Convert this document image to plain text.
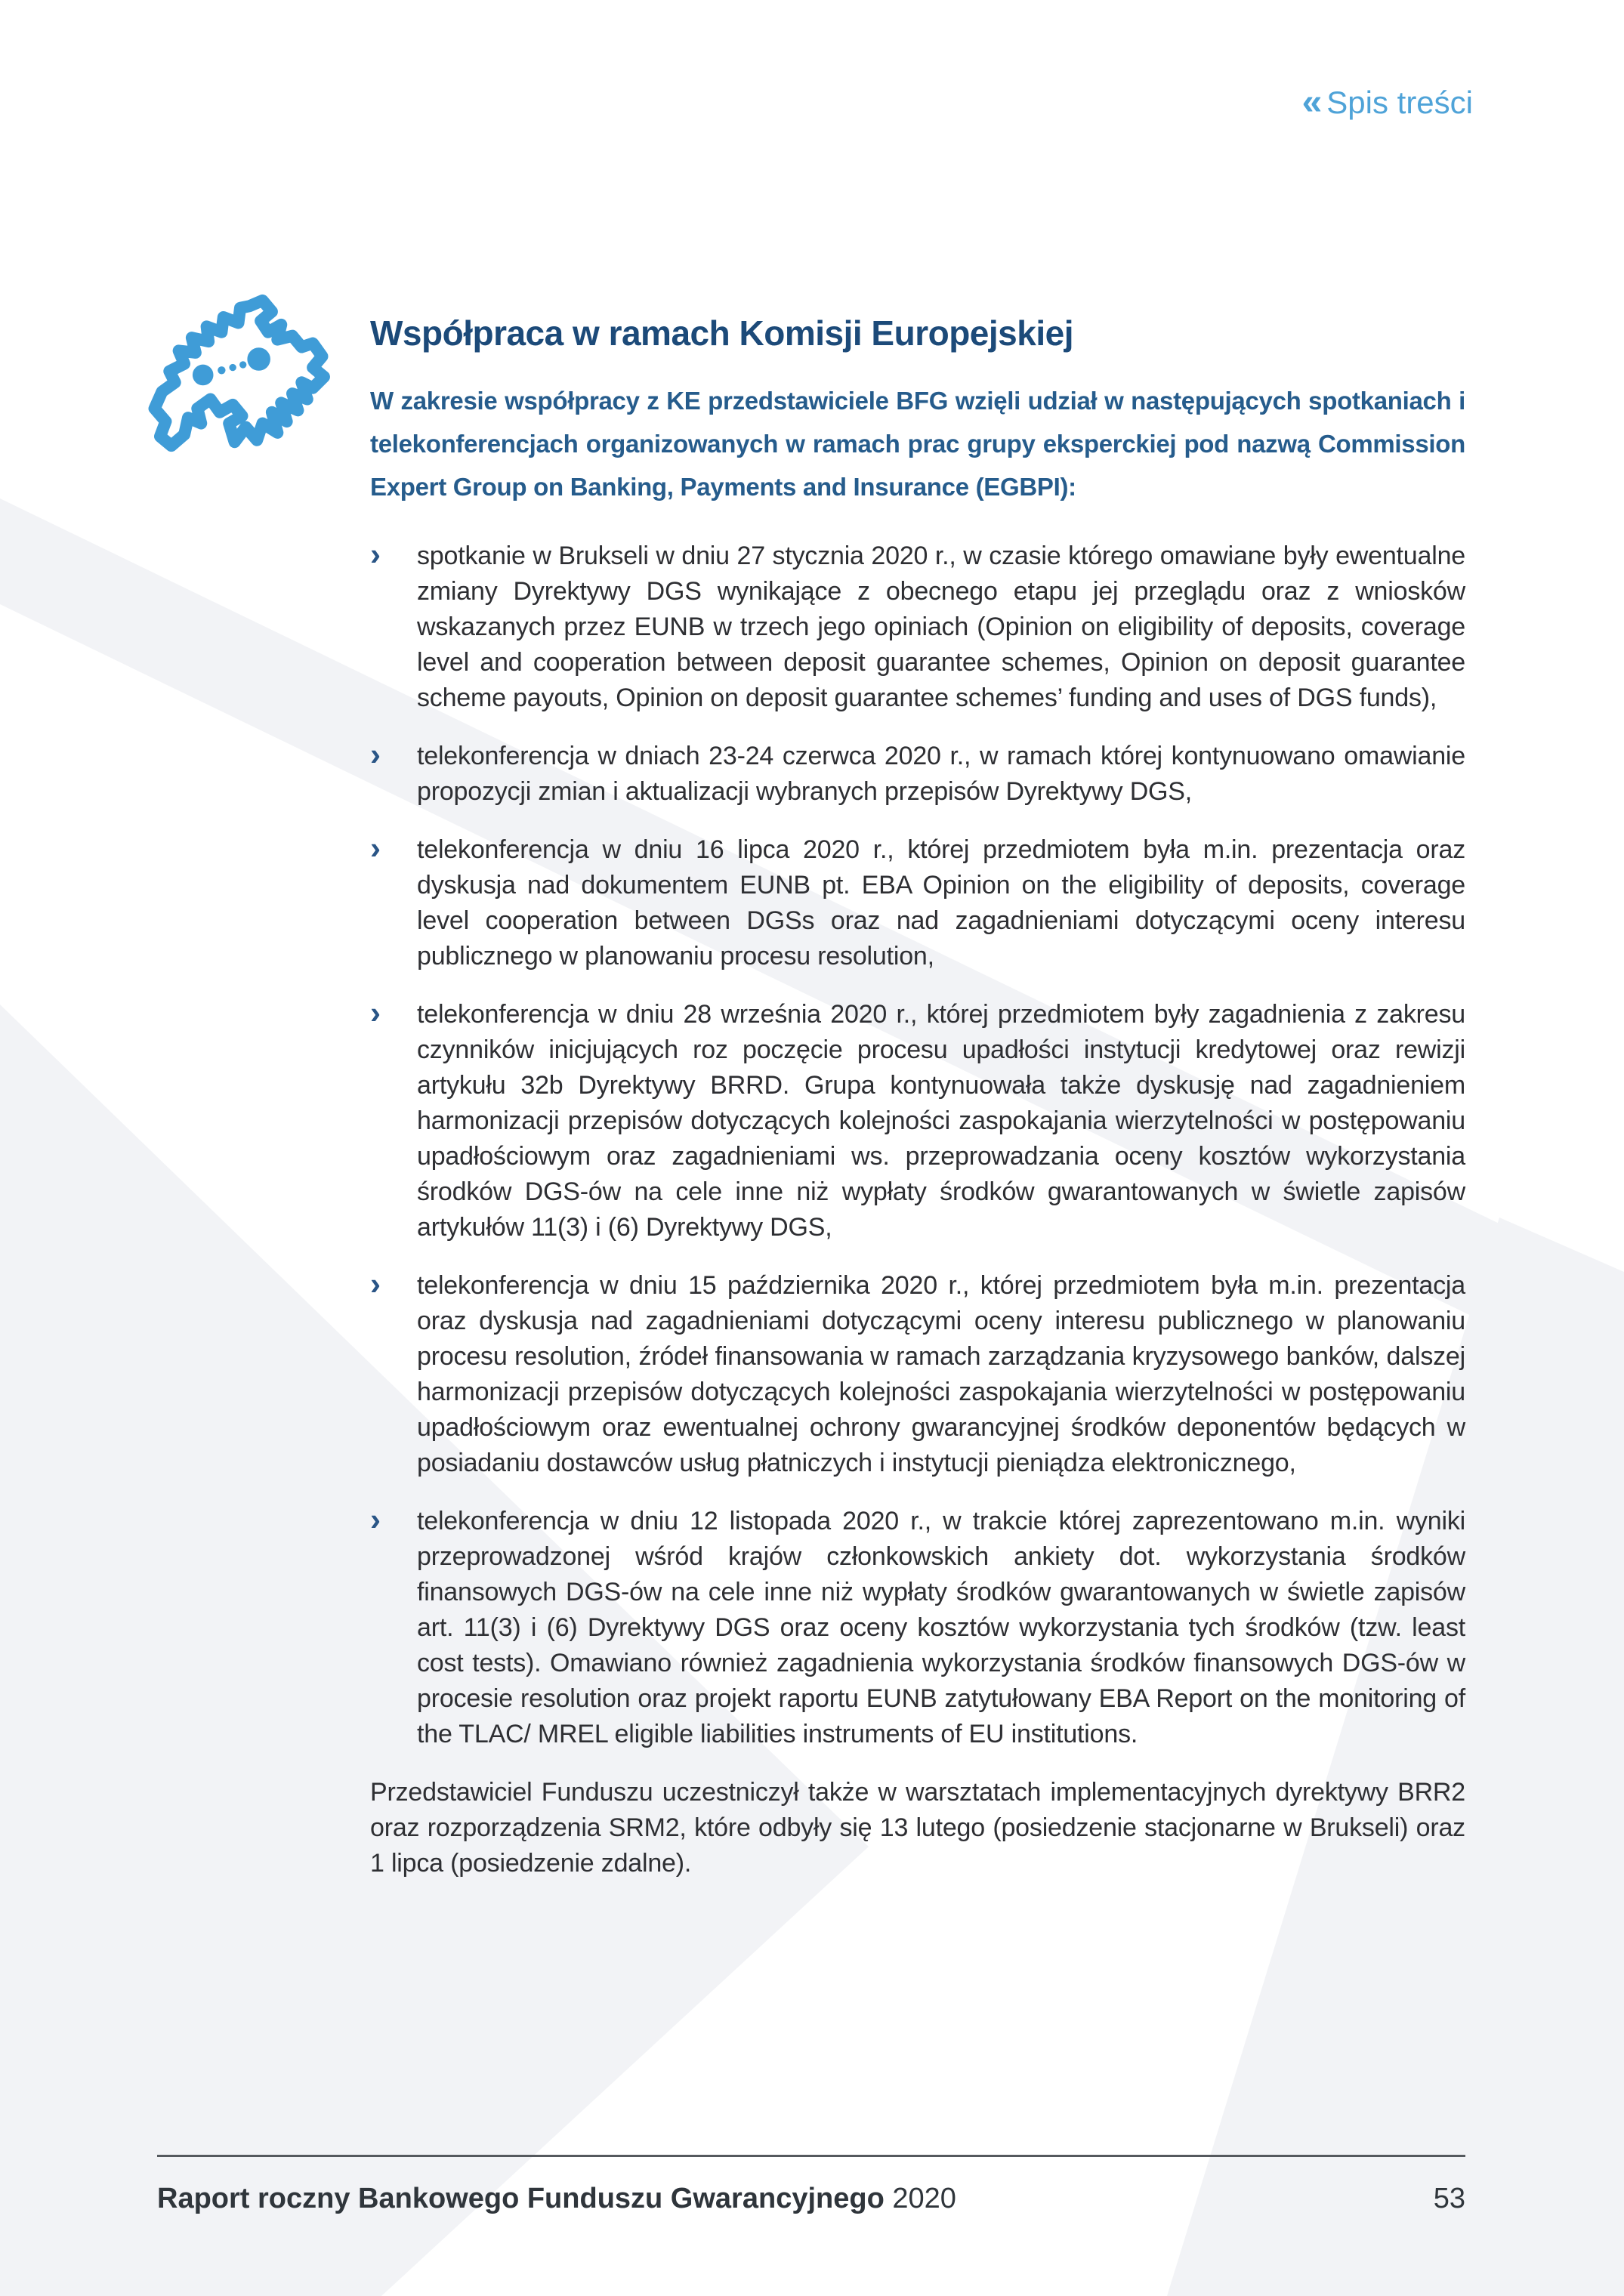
« Spis treści
Współpraca w ramach Komisji Europejskiej

W zakresie współpracy z KE przedstawiciele BFG wzięli udział w następujących spotkaniach i telekonferencjach organizowanych w ramach prac grupy eksperckiej pod nazwą Commission Expert Group on Banking, Payments and Insurance (EGBPI):

› spotkanie w Brukseli w dniu 27 stycznia 2020 r., w czasie którego omawiane były ewentualne zmiany Dyrektywy DGS wynikające z obecnego etapu jej przeglądu oraz z wniosków wskazanych przez EUNB w trzech jego opiniach (Opinion on eligibility of deposits, coverage level and cooperation between deposit guarantee schemes, Opinion on deposit guarantee scheme payouts, Opinion on deposit guarantee schemes’ funding and uses of DGS funds),
› telekonferencja w dniach 23-24 czerwca 2020 r., w ramach której kontynuowano omawianie propozycji zmian i aktualizacji wybranych przepisów Dyrektywy DGS,
› telekonferencja w dniu 16 lipca 2020 r., której przedmiotem była m.in. prezentacja oraz dyskusja nad dokumentem EUNB pt. EBA Opinion on the eligibility of deposits, coverage level cooperation between DGSs oraz nad zagadnieniami dotyczącymi oceny interesu publicznego w planowaniu procesu resolution,
› telekonferencja w dniu 28 września 2020 r., której przedmiotem były zagadnienia z zakresu czynników inicjujących roz poczęcie procesu upadłości instytucji kredytowej oraz rewizji artykułu 32b Dyrektywy BRRD. Grupa kontynuowała także dyskusję nad zagadnieniem harmonizacji przepisów dotyczących kolejności zaspokajania wierzytelności w postępowaniu upadłościowym oraz zagadnieniami ws. przeprowadzania oceny kosztów wykorzystania środków DGS-ów na cele inne niż wypłaty środków gwarantowanych w świetle zapisów artykułów 11(3) i (6) Dyrektywy DGS,
› telekonferencja w dniu 15 października 2020 r., której przedmiotem była m.in. prezentacja oraz dyskusja nad zagadnieniami dotyczącymi oceny interesu publicznego w planowaniu procesu resolution, źródeł finansowania w ramach zarządzania kryzysowego banków, dalszej harmonizacji przepisów dotyczących kolejności zaspokajania wierzytelności w postępowaniu upadłościowym oraz ewentualnej ochrony gwarancyjnej środków deponentów będących w posiadaniu dostawców usług płatniczych i instytucji pieniądza elektronicznego,
› telekonferencja w dniu 12 listopada 2020 r., w trakcie której zaprezentowano m.in. wyniki przeprowadzonej wśród krajów członkowskich ankiety dot. wykorzystania środków finansowych DGS-ów na cele inne niż wypłaty środków gwarantowanych w świetle zapisów art. 11(3) i (6) Dyrektywy DGS oraz oceny kosztów wykorzystania tych środków (tzw. least cost tests). Omawiano również zagadnienia wykorzystania środków finansowych DGS-ów w procesie resolution oraz projekt raportu EUNB zatytułowany EBA Report on the monitoring of the TLAC/ MREL eligible liabilities instruments of EU institutions.

Przedstawiciel Funduszu uczestniczył także w warsztatach implementacyjnych dyrektywy BRR2 oraz rozporządzenia SRM2, które odbyły się 13 lutego (posiedzenie stacjonarne w Brukseli) oraz 1 lipca (posiedzenie zdalne).

Raport roczny Bankowego Funduszu Gwarancyjnego 2020	53
